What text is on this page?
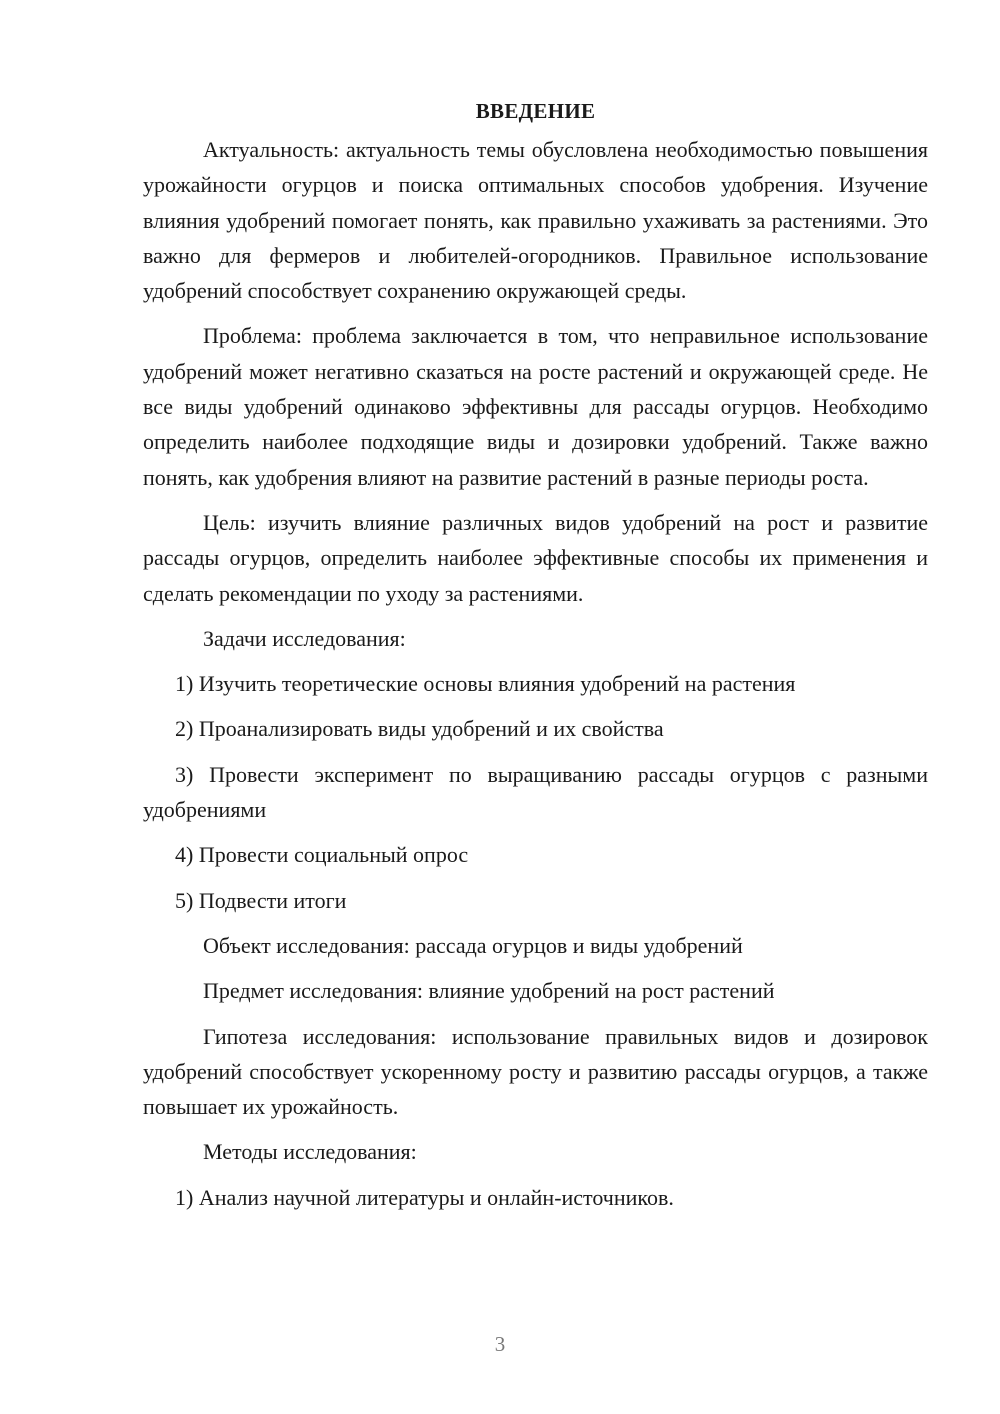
ВВЕДЕНИЕ

Актуальность: актуальность темы обусловлена необходимостью повышения урожайности огурцов и поиска оптимальных способов удобрения. Изучение влияния удобрений помогает понять, как правильно ухаживать за растениями. Это важно для фермеров и любителей-огородников. Правильное использование удобрений способствует сохранению окружающей среды.

Проблема: проблема заключается в том, что неправильное использование удобрений может негативно сказаться на росте растений и окружающей среде. Не все виды удобрений одинаково эффективны для рассады огурцов. Необходимо определить наиболее подходящие виды и дозировки удобрений. Также важно понять, как удобрения влияют на развитие растений в разные периоды роста.

Цель: изучить влияние различных видов удобрений на рост и развитие рассады огурцов, определить наиболее эффективные способы их применения и сделать рекомендации по уходу за растениями.

Задачи исследования:

1) Изучить теоретические основы влияния удобрений на растения

2) Проанализировать виды удобрений и их свойства

3) Провести эксперимент по выращиванию рассады огурцов с разными удобрениями

4) Провести социальный опрос

5) Подвести итоги

Объект исследования: рассада огурцов и виды удобрений

Предмет исследования: влияние удобрений на рост растений

Гипотеза исследования: использование правильных видов и дозировок удобрений способствует ускоренному росту и развитию рассады огурцов, а также повышает их урожайность.

Методы исследования:

1) Анализ научной литературы и онлайн-источников.

3
